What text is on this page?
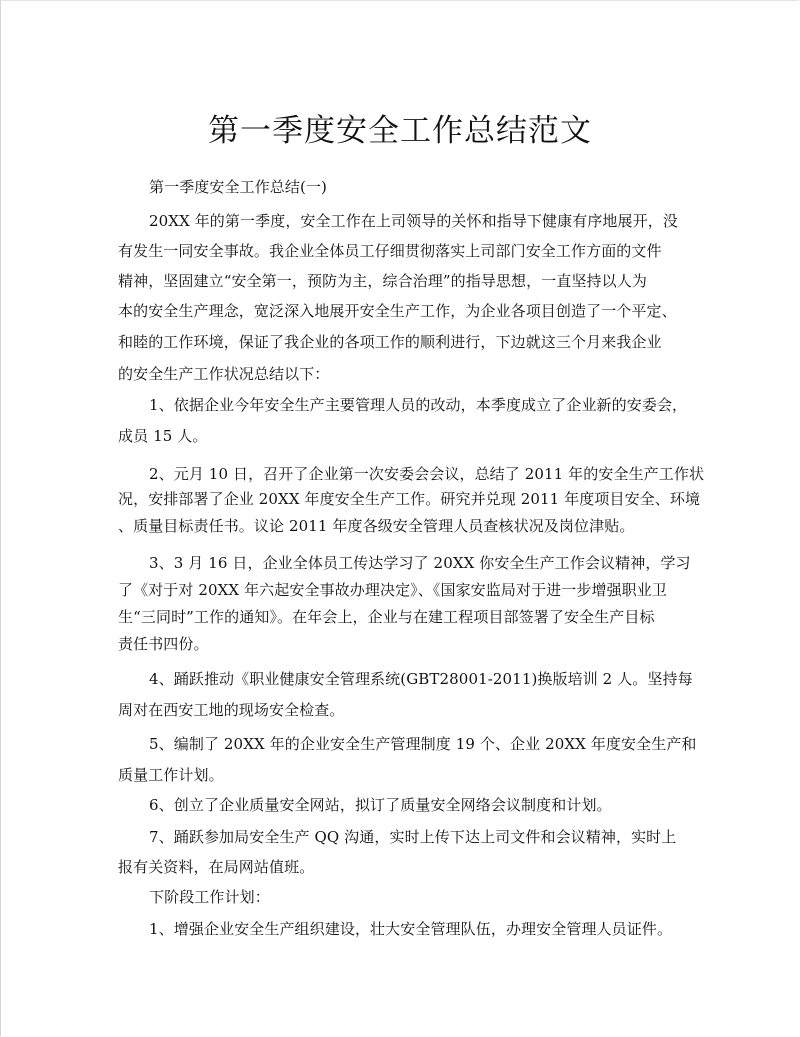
第一季度安全工作总结范文
第一季度安全工作总结(一)
20XX 年的第一季度，安全工作在上司领导的关怀和指导下健康有序地展开，没
有发生一同安全事故。我企业全体员工仔细贯彻落实上司部门安全工作方面的文件
精神，坚固建立“安全第一，预防为主，综合治理”的指导思想，一直坚持以人为
本的安全生产理念，宽泛深入地展开安全生产工作，为企业各项目创造了一个平定、
和睦的工作环境，保证了我企业的各项工作的顺利进行，下边就这三个月来我企业
的安全生产工作状况总结以下：
1、依据企业今年安全生产主要管理人员的改动，本季度成立了企业新的安委会，
成员 15 人。
2、元月 10 日，召开了企业第一次安委会会议，总结了 2011 年的安全生产工作状
况，安排部署了企业 20XX 年度安全生产工作。研究并兑现 2011 年度项目安全、环境
、质量目标责任书。议论 2011 年度各级安全管理人员查核状况及岗位津贴。
3、3 月 16 日，企业全体员工传达学习了 20XX 你安全生产工作会议精神，学习
了《对于对 20XX 年六起安全事故办理决定》、《国家安监局对于进一步增强职业卫
生“三同时”工作的通知》。在年会上，企业与在建工程项目部签署了安全生产目标
责任书四份。
4、踊跃推动《职业健康安全管理系统(GBT28001-2011)换版培训 2 人。坚持每
周对在西安工地的现场安全检查。
5、编制了 20XX 年的企业安全生产管理制度 19 个、企业 20XX 年度安全生产和
质量工作计划。
6、创立了企业质量安全网站，拟订了质量安全网络会议制度和计划。
7、踊跃参加局安全生产 QQ 沟通，实时上传下达上司文件和会议精神，实时上
报有关资料，在局网站值班。
下阶段工作计划：
1、增强企业安全生产组织建设，壮大安全管理队伍，办理安全管理人员证件。
